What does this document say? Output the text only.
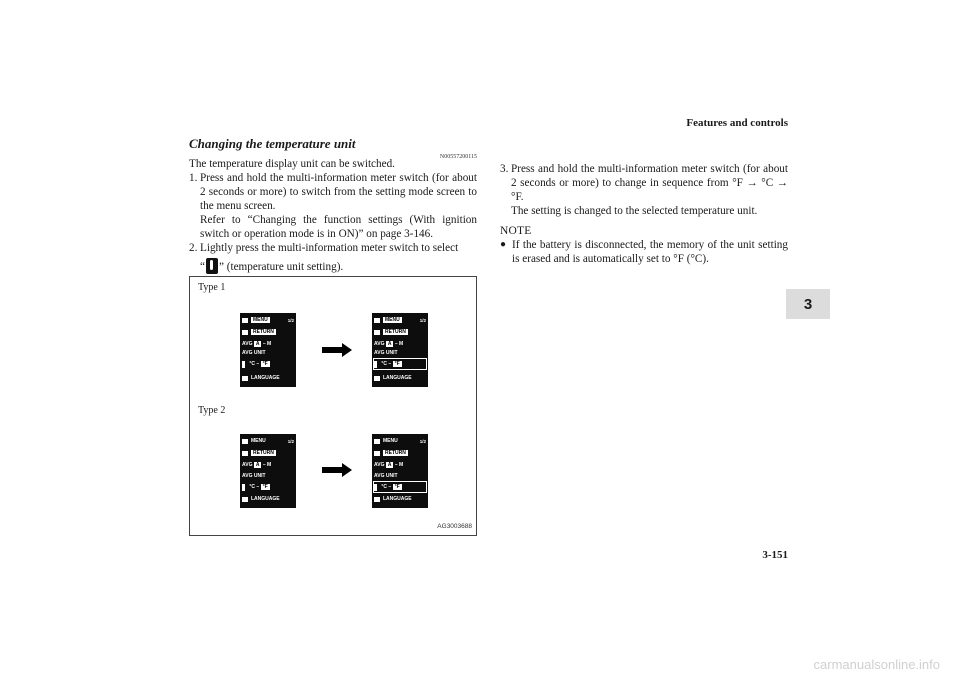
Features and controls
3
3-151
carmanualsonline.info
Changing the temperature unit
N00557200115

The temperature display unit can be switched.

1. Press and hold the multi-information meter switch (for about 2 seconds or more) to switch from the setting mode screen to the menu screen.

Refer to “Changing the function settings (With ignition switch or operation mode is in ON)” on page 3-146.

2. Lightly press the multi-information meter switch to select

“ ” (temperature unit setting).

3. Press and hold the multi-information meter switch (for about 2 seconds or more) to change in sequence from °F → °C → °F.

The setting is changed to the selected temperature unit.

NOTE
● If the battery is disconnected, the memory of the unit setting is erased and is automatically set to °F (°C).
Type 1
Type 2
AG3003688
MENU	1/2
RETURN
AVG
A
–
M
AVG UNIT

°C
–
°F
LANGUAGE
MENU	1/2
RETURN
AVG
A
–
M
AVG UNIT

°C
–
°F
LANGUAGE
MENU	1/2
RETURN
AVG
A
–
M
AVG UNIT

°C
–
°F
LANGUAGE
MENU	1/2
RETURN
AVG
A
–
M
AVG UNIT

°C
–
°F
LANGUAGE
